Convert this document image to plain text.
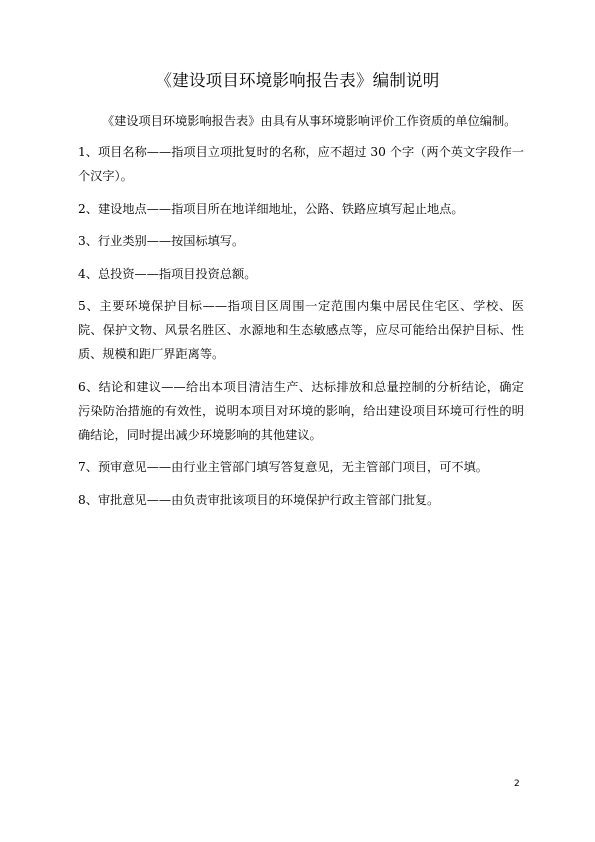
《建设项目环境影响报告表》编制说明

《建设项目环境影响报告表》由具有从事环境影响评价工作资质的单位编制。

1、项目名称——指项目立项批复时的名称，应不超过 30 个字（两个英文字段作一个汉字）。

2、建设地点——指项目所在地详细地址，公路、铁路应填写起止地点。

3、行业类别——按国标填写。

4、总投资——指项目投资总额。

5、主要环境保护目标——指项目区周围一定范围内集中居民住宅区、学校、医院、保护文物、风景名胜区、水源地和生态敏感点等，应尽可能给出保护目标、性质、规模和距厂界距离等。

6、结论和建议——给出本项目清洁生产、达标排放和总量控制的分析结论，确定污染防治措施的有效性，说明本项目对环境的影响，给出建设项目环境可行性的明确结论，同时提出减少环境影响的其他建议。

7、预审意见——由行业主管部门填写答复意见，无主管部门项目，可不填。

8、审批意见——由负责审批该项目的环境保护行政主管部门批复。

2
